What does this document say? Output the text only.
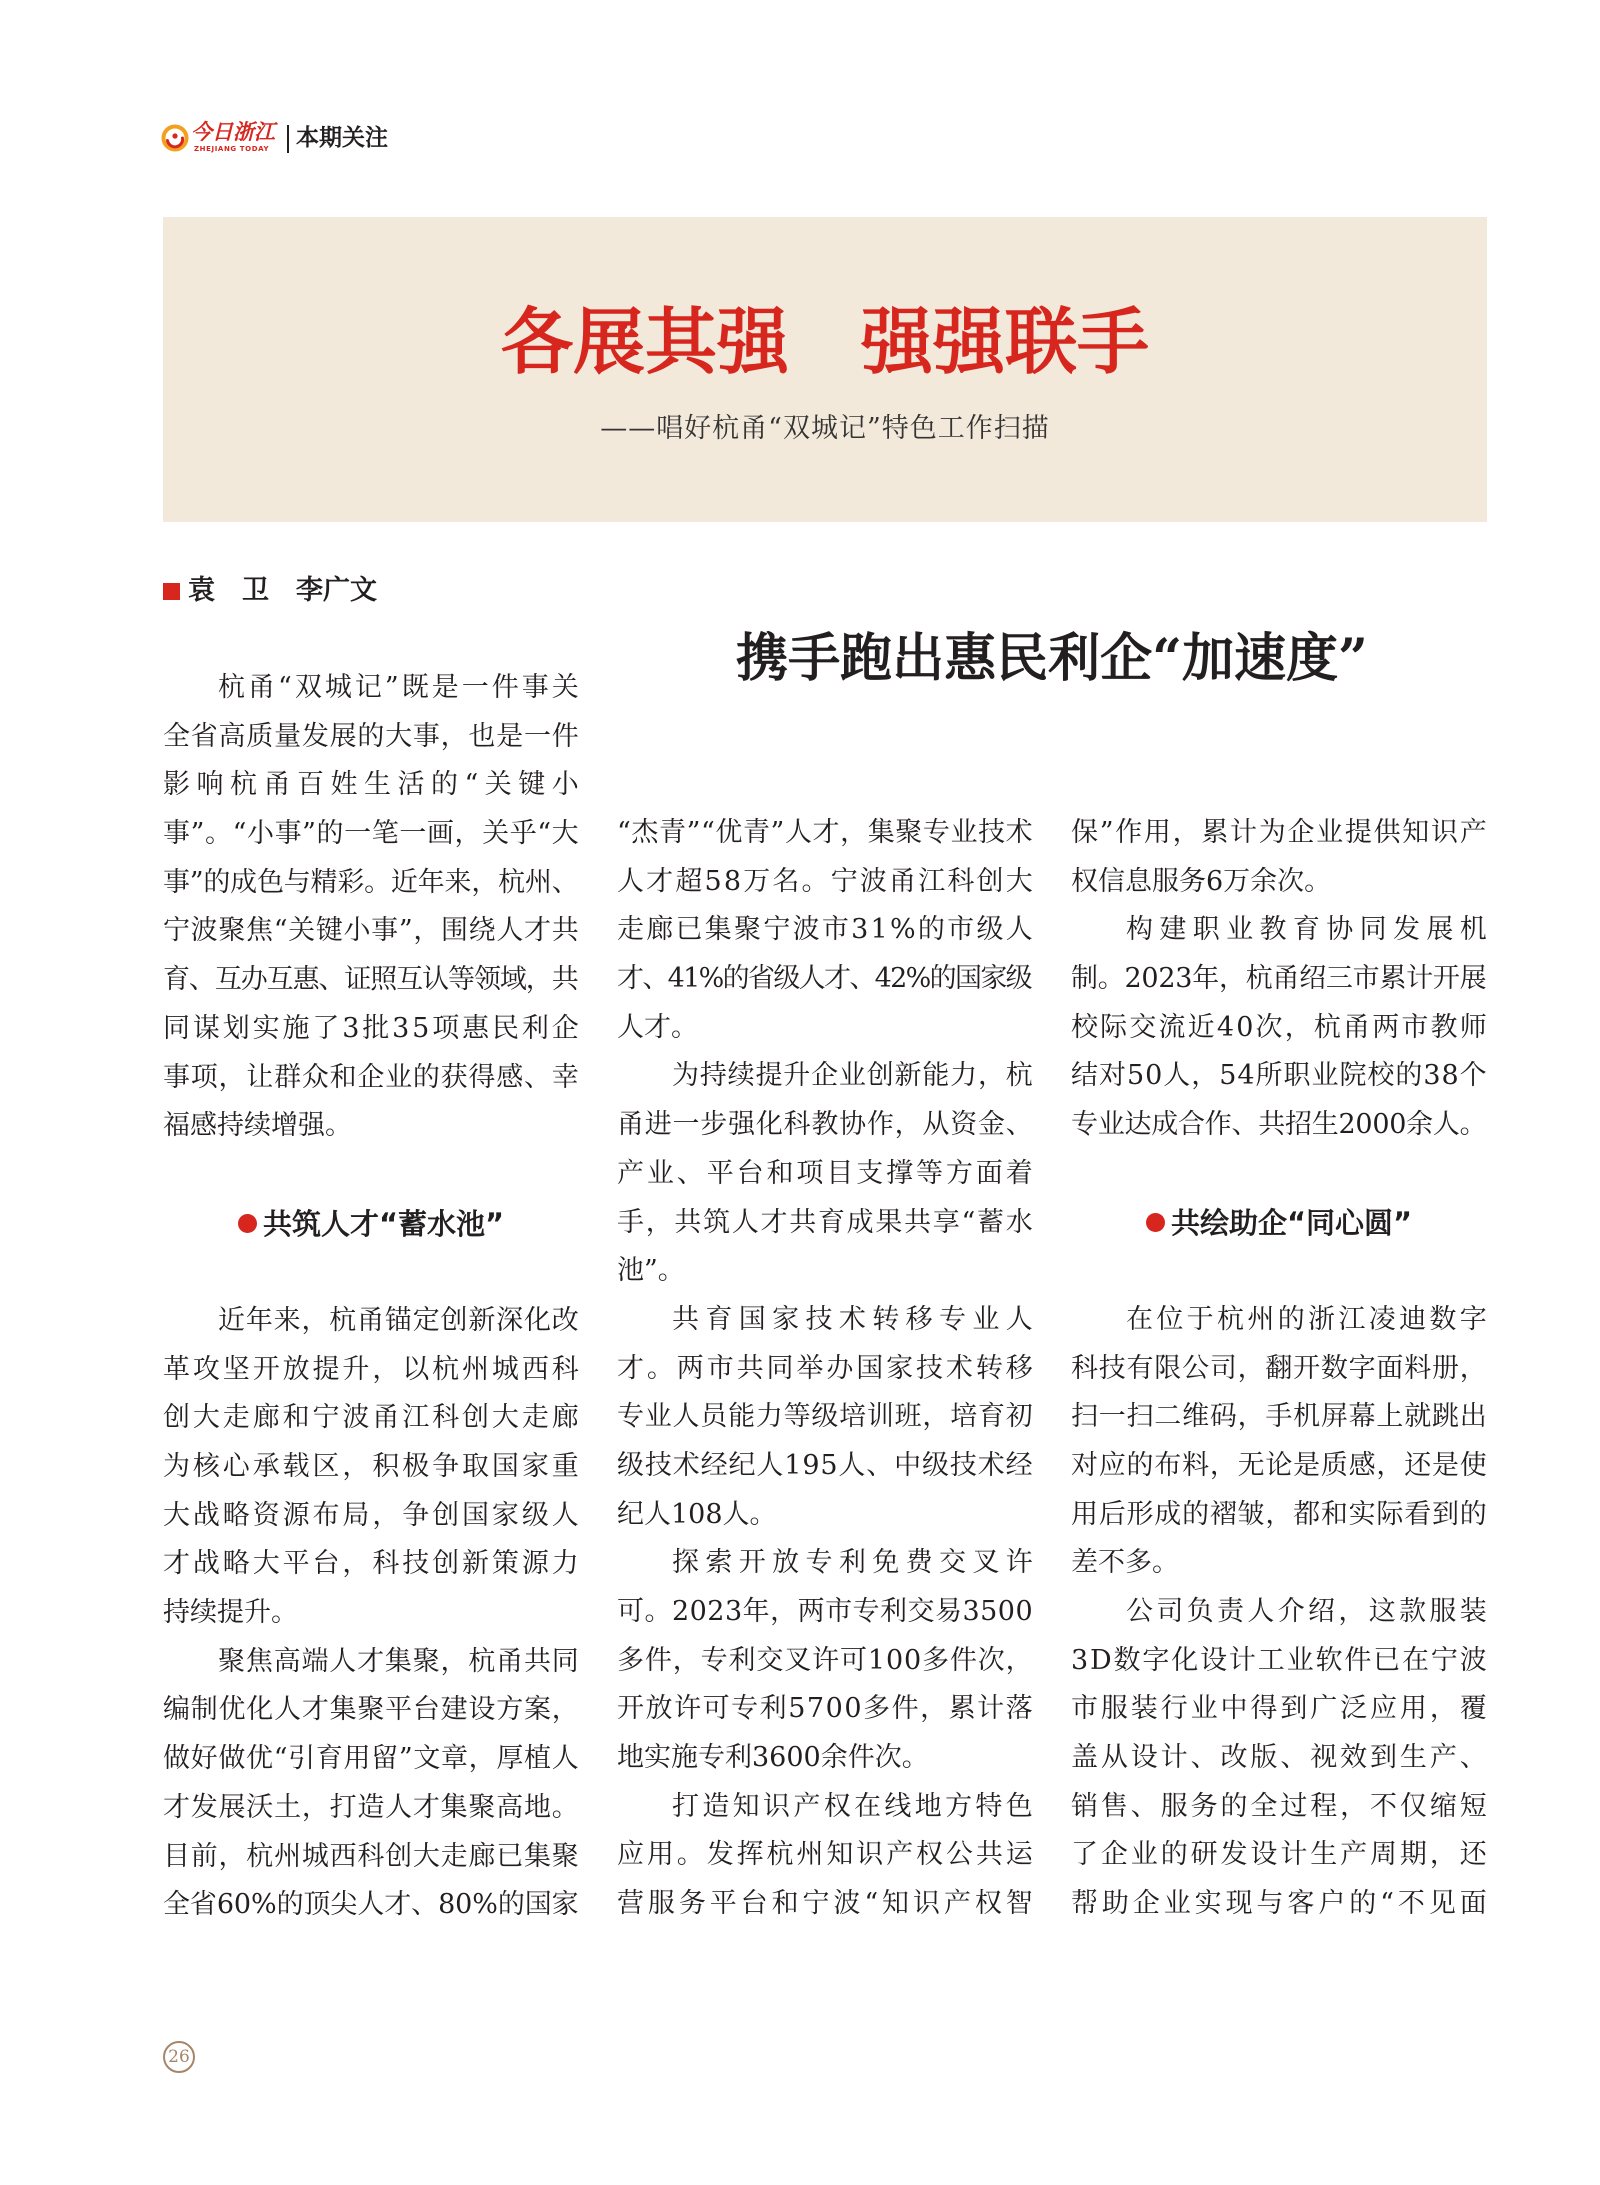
今日浙江
ZHEJIANG TODAY 本期关注
各展其强　强强联手
——唱好杭甬“双城记”特色工作扫描
袁　卫　李广文
携手跑出惠民利企“加速度”
杭甬“双城记”既是一件事关
全省高质量发展的大事，也是一件
影响杭甬百姓生活的“关键小
事”。“小事”的一笔一画，关乎“大
事”的成色与精彩。近年来，杭州、
宁波聚焦“关键小事”，围绕人才共
育、互办互惠、证照互认等领域，共
同谋划实施了3批35项惠民利企
事项，让群众和企业的获得感、幸
福感持续增强。
共筑人才“蓄水池”
近年来，杭甬锚定创新深化改
革攻坚开放提升，以杭州城西科
创大走廊和宁波甬江科创大走廊
为核心承载区，积极争取国家重
大战略资源布局，争创国家级人
才战略大平台，科技创新策源力
持续提升。
聚焦高端人才集聚，杭甬共同
编制优化人才集聚平台建设方案，
做好做优“引育用留”文章，厚植人
才发展沃土，打造人才集聚高地。
目前，杭州城西科创大走廊已集聚
全省60%的顶尖人才、80%的国家
“杰青”“优青”人才，集聚专业技术
人才超58万名。宁波甬江科创大
走廊已集聚宁波市31%的市级人
才、41%的省级人才、42%的国家级
人才。
为持续提升企业创新能力，杭
甬进一步强化科教协作，从资金、
产业、平台和项目支撑等方面着
手，共筑人才共育成果共享“蓄水
池”。
共育国家技术转移专业人
才。两市共同举办国家技术转移
专业人员能力等级培训班，培育初
级技术经纪人195人、中级技术经
纪人108人。
探索开放专利免费交叉许
可。2023年，两市专利交易3500
多件，专利交叉许可100多件次，
开放许可专利5700多件，累计落
地实施专利3600余件次。
打造知识产权在线地方特色
应用。发挥杭州知识产权公共运
营服务平台和宁波“知识产权智
保”作用，累计为企业提供知识产
权信息服务6万余次。
构建职业教育协同发展机
制。2023年，杭甬绍三市累计开展
校际交流近40次，杭甬两市教师
结对50人，54所职业院校的38个
专业达成合作、共招生2000余人。
共绘助企“同心圆”
在位于杭州的浙江凌迪数字
科技有限公司，翻开数字面料册，
扫一扫二维码，手机屏幕上就跳出
对应的布料，无论是质感，还是使
用后形成的褶皱，都和实际看到的
差不多。
公司负责人介绍，这款服装
3D数字化设计工业软件已在宁波
市服装行业中得到广泛应用，覆
盖从设计、改版、视效到生产、
销售、服务的全过程，不仅缩短
了企业的研发设计生产周期，还
帮助企业实现与客户的“不见面
26
